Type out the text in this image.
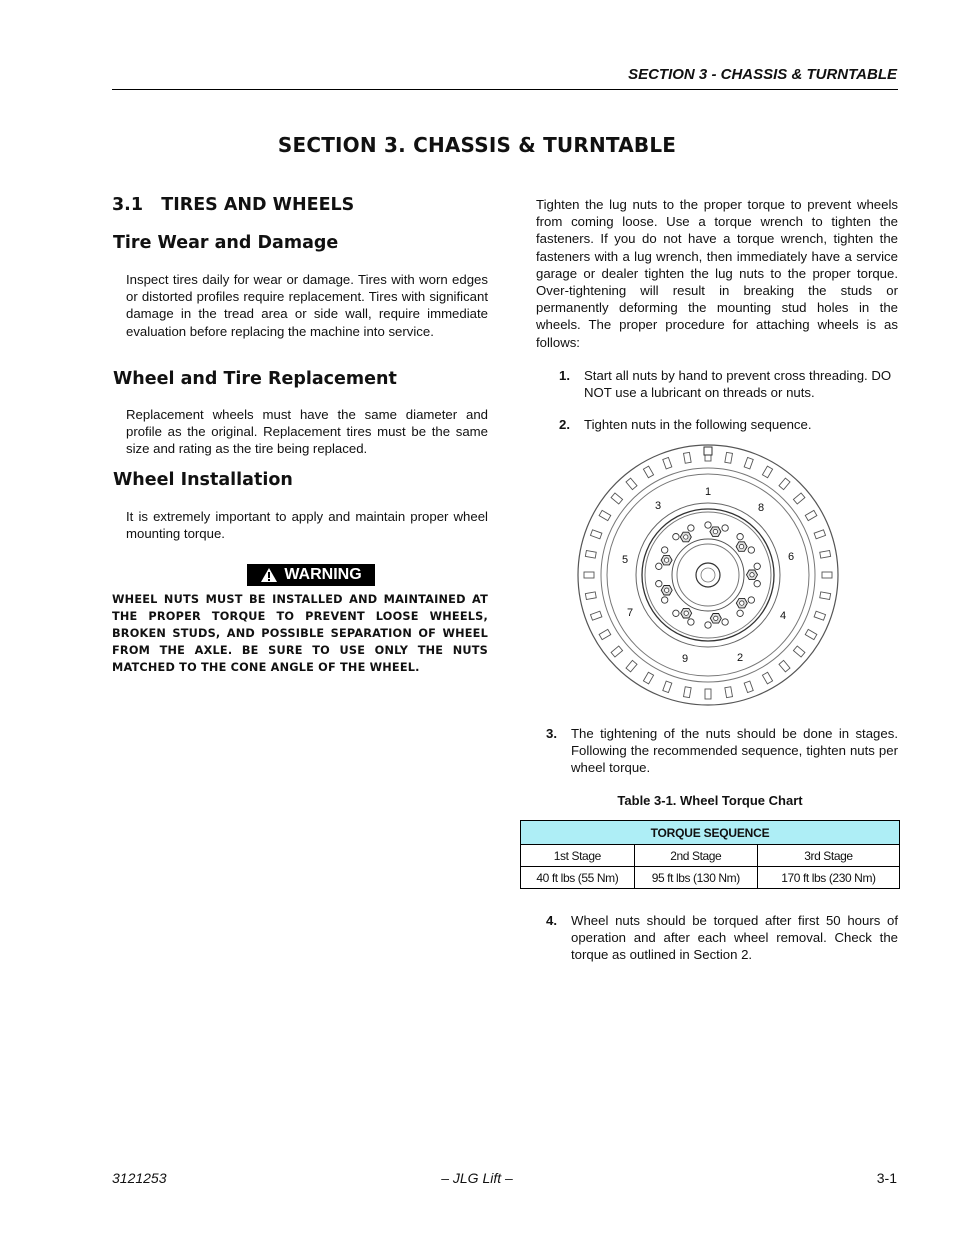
SECTION 3 - CHASSIS & TURNTABLE
SECTION 3. CHASSIS & TURNTABLE
3.1   TIRES AND WHEELS
Tire Wear and Damage
Inspect tires daily for wear or damage. Tires with worn edges or distorted profiles require replacement. Tires with significant damage in the tread area or side wall, require immediate evaluation before replacing the machine into service.
Wheel and Tire Replacement
Replacement wheels must have the same diameter and profile as the original. Replacement tires must be the same size and rating as the tire being replaced.
Wheel Installation
It is extremely important to apply and maintain proper wheel mounting torque.
WARNING
WHEEL NUTS MUST BE INSTALLED AND MAINTAINED AT THE PROPER TORQUE TO PREVENT LOOSE WHEELS, BROKEN STUDS, AND POSSIBLE SEPARATION OF WHEEL FROM THE AXLE. BE SURE TO USE ONLY THE NUTS MATCHED TO THE CONE ANGLE OF THE WHEEL.
Tighten the lug nuts to the proper torque to prevent wheels from coming loose. Use a torque wrench to tighten the fasteners. If you do not have a torque wrench, tighten the fasteners with a lug wrench, then immediately have a service garage or dealer tighten the lug nuts to the proper torque. Over-tightening will result in breaking the studs or permanently deforming the mounting stud holes in the wheels. The proper procedure for attaching wheels is as follows:
1. Start all nuts by hand to prevent cross threading. DO NOT use a lubricant on threads or nuts.
2. Tighten nuts in the following sequence.
1
2
3
4
5	6
7
8
9
3. The tightening of the nuts should be done in stages. Following the recommended sequence, tighten nuts per wheel torque.
Table 3-1. Wheel Torque Chart
TORQUE SEQUENCE		
1st Stage	2nd Stage	3rd Stage
40 ft lbs (55 Nm)	95 ft lbs (130 Nm)	170 ft lbs (230 Nm)
4. Wheel nuts should be torqued after first 50 hours of operation and after each wheel removal. Check the torque as outlined in Section 2.
3121253	– JLG Lift –	3-1
